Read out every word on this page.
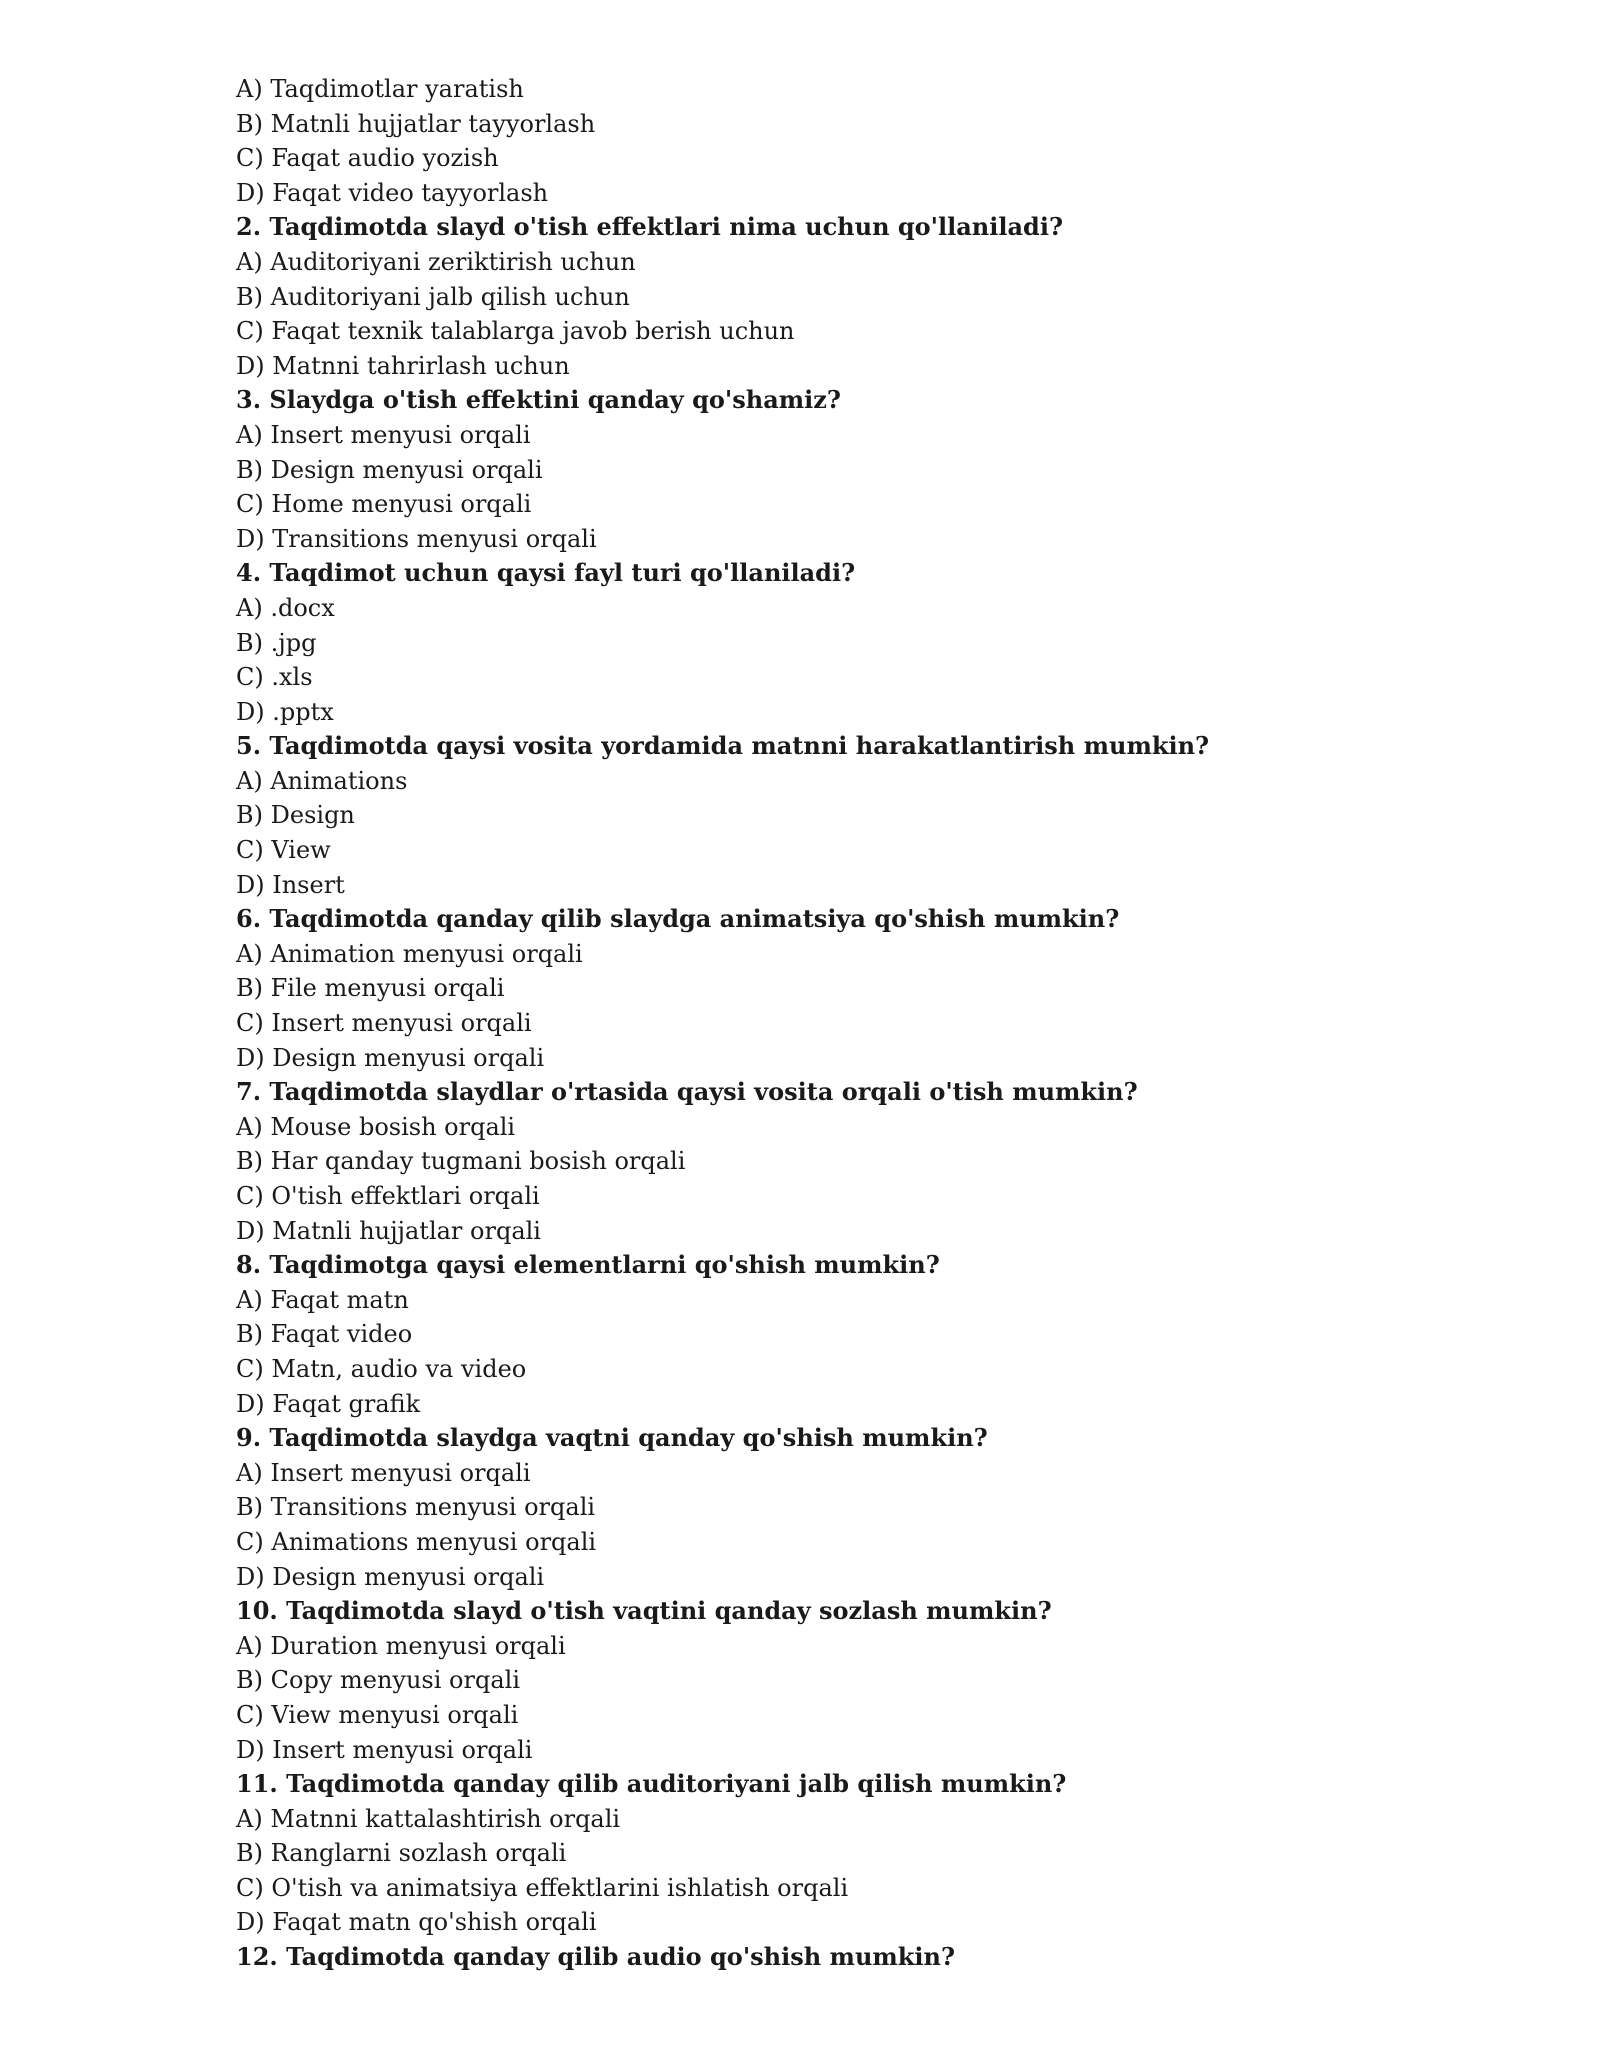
A) Taqdimotlar yaratish
B) Matnli hujjatlar tayyorlash
C) Faqat audio yozish
D) Faqat video tayyorlash
2. Taqdimotda slayd o'tish effektlari nima uchun qo'llaniladi?
A) Auditoriyani zeriktirish uchun
B) Auditoriyani jalb qilish uchun
C) Faqat texnik talablarga javob berish uchun
D) Matnni tahrirlash uchun
3. Slaydga o'tish effektini qanday qo'shamiz?
A) Insert menyusi orqali
B) Design menyusi orqali
C) Home menyusi orqali
D) Transitions menyusi orqali
4. Taqdimot uchun qaysi fayl turi qo'llaniladi?
A) .docx
B) .jpg
C) .xls
D) .pptx
5. Taqdimotda qaysi vosita yordamida matnni harakatlantirish mumkin?
A) Animations
B) Design
C) View
D) Insert
6. Taqdimotda qanday qilib slaydga animatsiya qo'shish mumkin?
A) Animation menyusi orqali
B) File menyusi orqali
C) Insert menyusi orqali
D) Design menyusi orqali
7. Taqdimotda slaydlar o'rtasida qaysi vosita orqali o'tish mumkin?
A) Mouse bosish orqali
B) Har qanday tugmani bosish orqali
C) O'tish effektlari orqali
D) Matnli hujjatlar orqali
8. Taqdimotga qaysi elementlarni qo'shish mumkin?
A) Faqat matn
B) Faqat video
C) Matn, audio va video
D) Faqat grafik
9. Taqdimotda slaydga vaqtni qanday qo'shish mumkin?
A) Insert menyusi orqali
B) Transitions menyusi orqali
C) Animations menyusi orqali
D) Design menyusi orqali
10. Taqdimotda slayd o'tish vaqtini qanday sozlash mumkin?
A) Duration menyusi orqali
B) Copy menyusi orqali
C) View menyusi orqali
D) Insert menyusi orqali
11. Taqdimotda qanday qilib auditoriyani jalb qilish mumkin?
A) Matnni kattalashtirish orqali
B) Ranglarni sozlash orqali
C) O'tish va animatsiya effektlarini ishlatish orqali
D) Faqat matn qo'shish orqali
12. Taqdimotda qanday qilib audio qo'shish mumkin?
